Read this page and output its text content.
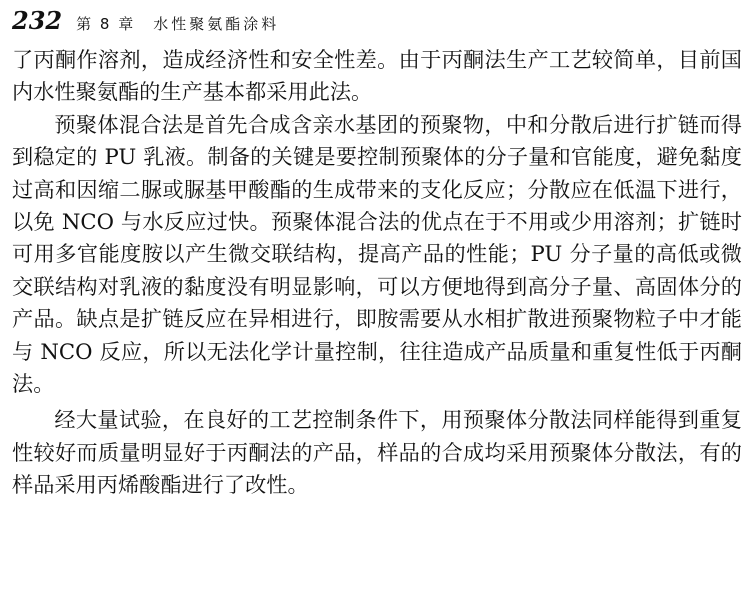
232 第 8 章 水性聚氨酯涂料

了丙酮作溶剂，造成经济性和安全性差。由于丙酮法生产工艺较简单，目前国内水性聚氨酯的生产基本都采用此法。

预聚体混合法是首先合成含亲水基团的预聚物，中和分散后进行扩链而得到稳定的 PU 乳液。制备的关键是要控制预聚体的分子量和官能度，避免黏度过高和因缩二脲或脲基甲酸酯的生成带来的支化反应；分散应在低温下进行，以免 NCO 与水反应过快。预聚体混合法的优点在于不用或少用溶剂；扩链时可用多官能度胺以产生微交联结构，提高产品的性能；PU 分子量的高低或微交联结构对乳液的黏度没有明显影响，可以方便地得到高分子量、高固体分的产品。缺点是扩链反应在异相进行，即胺需要从水相扩散进预聚物粒子中才能与 NCO 反应，所以无法化学计量控制，往往造成产品质量和重复性低于丙酮法。

经大量试验，在良好的工艺控制条件下，用预聚体分散法同样能得到重复性较好而质量明显好于丙酮法的产品，样品的合成均采用预聚体分散法，有的样品采用丙烯酸酯进行了改性。
